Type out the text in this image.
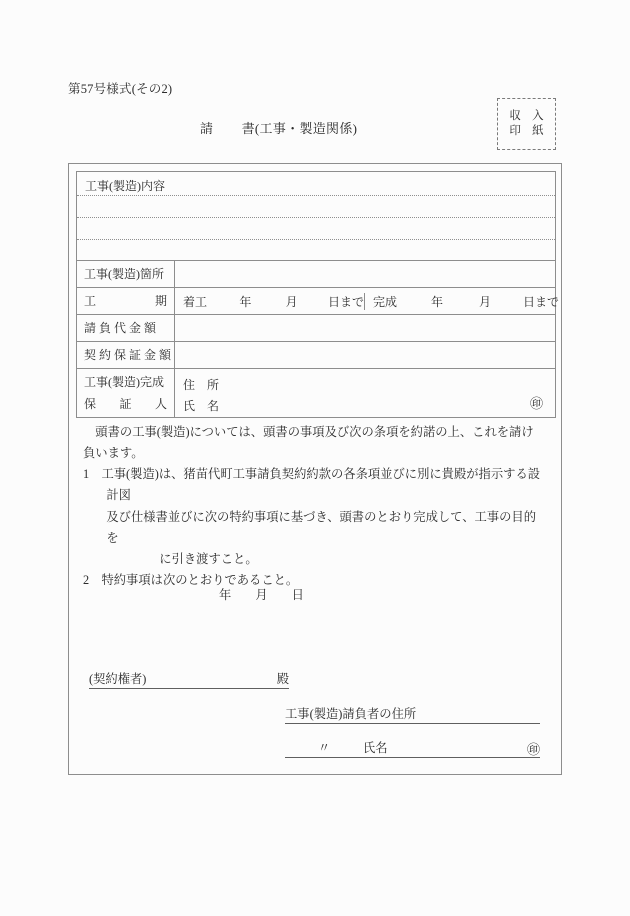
第57号様式(その2)
請書(工事・製造関係)
収 入
印 紙
工事(製造)内容	

工事(製造)箇所	

工	期	着工	年	月	日まで 完成	年	月	日まで

請 負 代 金 額	

契 約 保 証 金 額	

工事(製造)完成
保 証 人

住　所
氏　名	㊞

頭書の工事(製造)については、頭書の事項及び次の条項を約諾の上、これを請け負います。

1 工事(製造)は、猪苗代町工事請負契約約款の各条項並びに別に貴殿が指示する設計図

及び仕様書並びに次の特約事項に基づき、頭書のとおり完成して、工事の目的を

に引き渡すこと。

2 特約事項は次のとおりであること。

年 月 日
(契約権者)	殿
工事(製造)請負者の住所
〃	氏名	㊞
